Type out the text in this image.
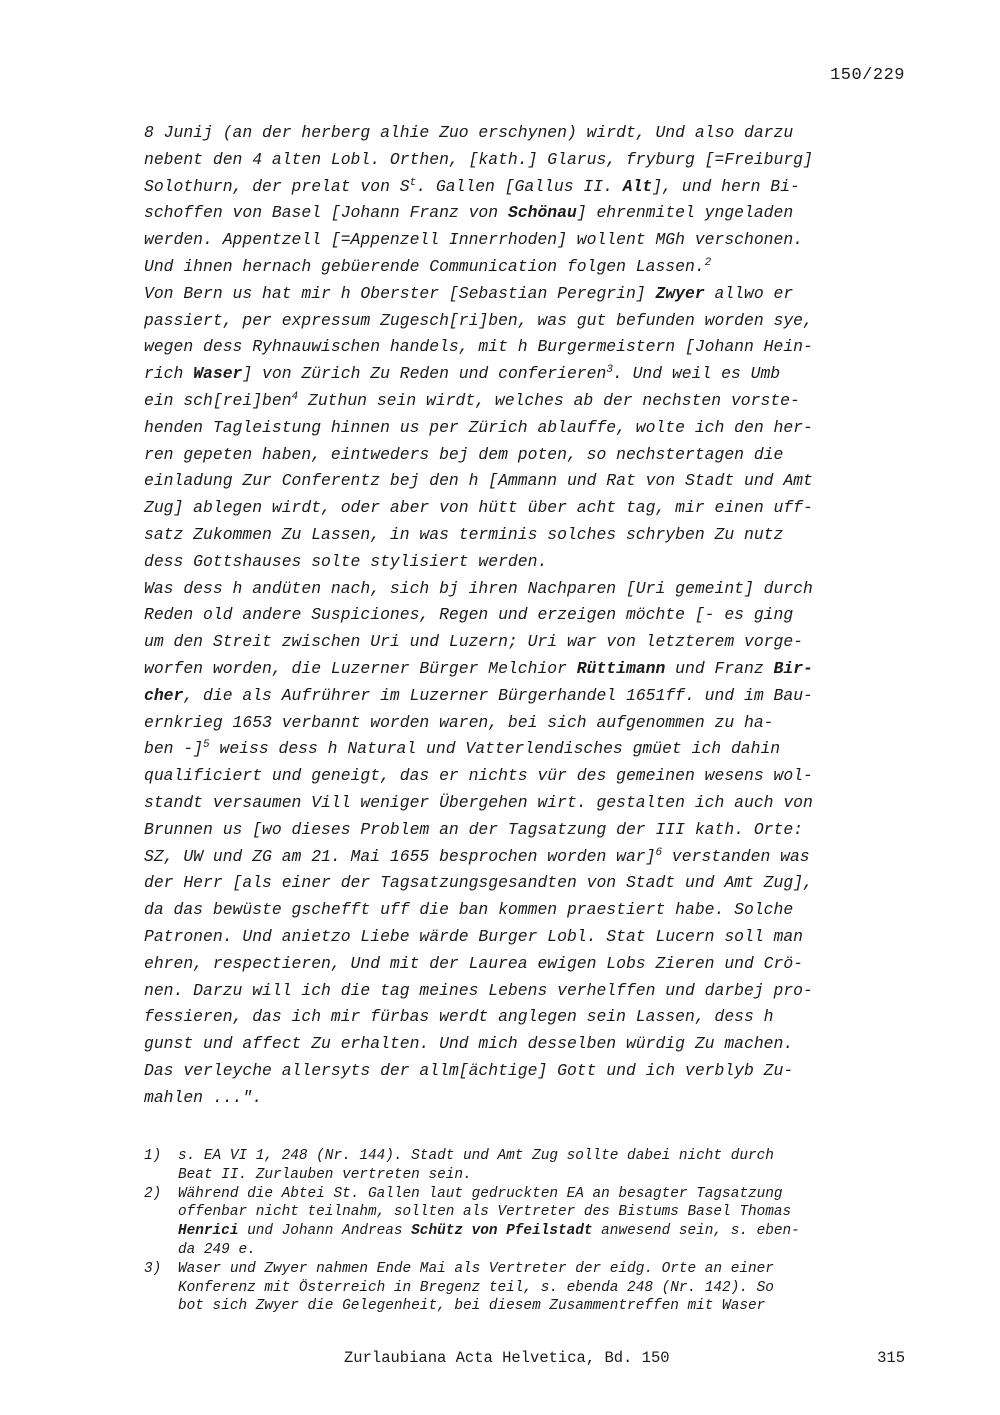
150/229
8 Junij (an der herberg alhie Zuo erschynen) wirdt, Und also darzu
nebent den 4 alten Lobl. Orthen, [kath.] Glarus, fryburg [=Freiburg]
Solothurn, der prelat von $S^t$. Gallen [Gallus II. Alt], und hern Bi-
schoffen von Basel [Johann Franz von Schönau] ehrenmitel yngeladen
werden. Appentzell [=Appenzell Innerrhoden] wollent MGh verschonen.
Und ihnen hernach gebüerende Communication folgen Lassen.$^2$
Von Bern us hat mir h Oberster [Sebastian Peregrin] Zwyer allwo er
passiert, per expressum Zugesch[ri]ben, was gut befunden worden sye,
wegen dess Ryhnauwischen handels, mit h Burgermeistern [Johann Hein-
rich Waser] von Zürich Zu Reden und conferieren$^3$. Und weil es Umb
ein sch[rei]ben$^4$ Zuthun sein wirdt, welches ab der nechsten vorste-
henden Tagleistung hinnen us per Zürich ablauffe, wolte ich den her-
ren gepeten haben, eintweders bej dem poten, so nechstertagen die
einladung Zur Conferentz bej den h [Ammann und Rat von Stadt und Amt
Zug] ablegen wirdt, oder aber von hütt über acht tag, mir einen uff-
satz Zukommen Zu Lassen, in was terminis solches schryben Zu nutz
dess Gottshauses solte stylisiert werden.
Was dess h andüten nach, sich bj ihren Nachparen [Uri gemeint] durch
Reden old andere Suspiciones, Regen und erzeigen möchte [- es ging
um den Streit zwischen Uri und Luzern; Uri war von letzterem vorge-
worfen worden, die Luzerner Bürger Melchior Rüttimann und Franz Bir-
cher, die als Aufrührer im Luzerner Bürgerhandel 1651ff. und im Bau-
ernkrieg 1653 verbannt worden waren, bei sich aufgenommen zu ha-
ben -]$^5$ weiss dess h Natural und Vatterlendisches gmüet ich dahin
qualificiert und geneigt, das er nichts vür des gemeinen wesens wol-
standt versaumen Vill weniger Übergehen wirt. gestalten ich auch von
Brunnen us [wo dieses Problem an der Tagsatzung der III kath. Orte:
SZ, UW und ZG am 21. Mai 1655 besprochen worden war]$^6$ verstanden was
der Herr [als einer der Tagsatzungsgesandten von Stadt und Amt Zug],
da das bewüste gschefft uff die ban kommen praestiert habe. Solche
Patronen. Und anietzo Liebe wärde Burger Lobl. Stat Lucern soll man
ehren, respectieren, Und mit der Laurea ewigen Lobs Zieren und Crö-
nen. Darzu will ich die tag meines Lebens verhelffen und darbej pro-
fessieren, das ich mir fürbas werdt anglegen sein Lassen, dess h
gunst und affect Zu erhalten. Und mich desselben würdig Zu machen.
Das verleyche allersyts der allm[ächtige] Gott und ich verblyb Zu-
mahlen ...".
1) s. EA VI 1, 248 (Nr. 144). Stadt und Amt Zug sollte dabei nicht durch
Beat II. Zurlauben vertreten sein.
2) Während die Abtei St. Gallen laut gedruckten EA an besagter Tagsatzung
offenbar nicht teilnahm, sollten als Vertreter des Bistums Basel Thomas
Henrici und Johann Andreas Schütz von Pfeilstadt anwesend sein, s. eben-
da 249 e.
3) Waser und Zwyer nahmen Ende Mai als Vertreter der eidg. Orte an einer
Konferenz mit Österreich in Bregenz teil, s. ebenda 248 (Nr. 142). So
bot sich Zwyer die Gelegenheit, bei diesem Zusammentreffen mit Waser
Zurlaubiana Acta Helvetica, Bd. 150	315
